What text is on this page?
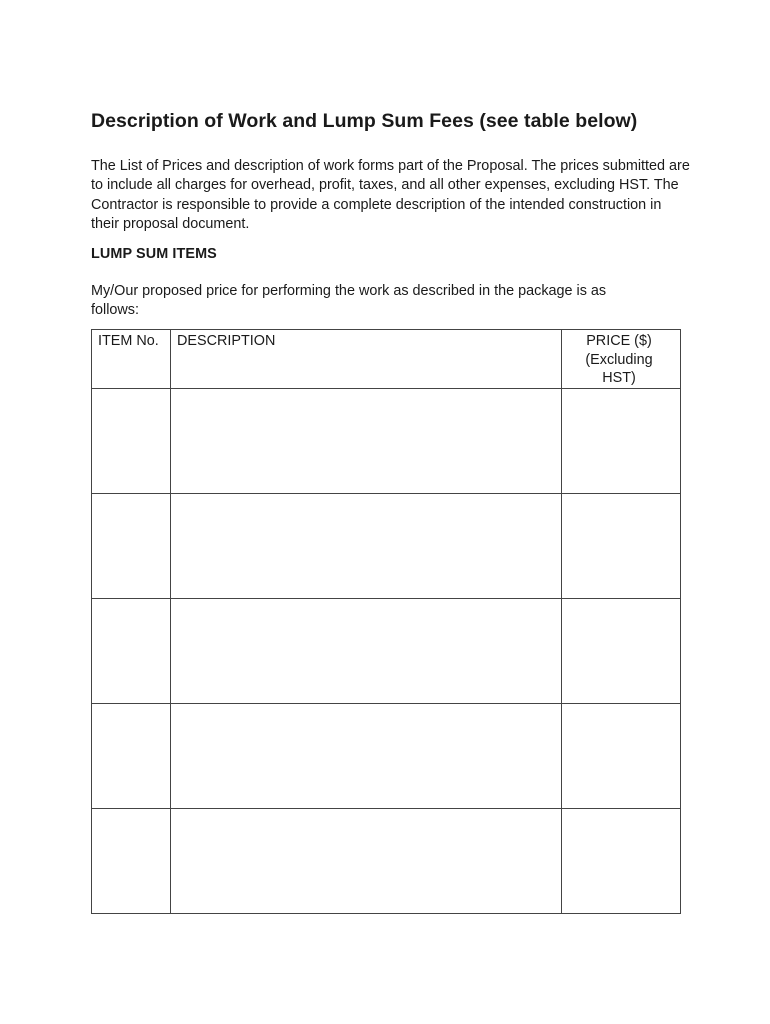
Description of Work and Lump Sum Fees (see table below)

The List of Prices and description of work forms part of the Proposal. The prices submitted are to include all charges for overhead, profit, taxes, and all other expenses, excluding HST. The Contractor is responsible to provide a complete description of the intended construction in their proposal document.

LUMP SUM ITEMS

My/Our proposed price for performing the work as described in the package is as follows:

ITEM No.	DESCRIPTION	PRICE ($) (Excluding HST)
